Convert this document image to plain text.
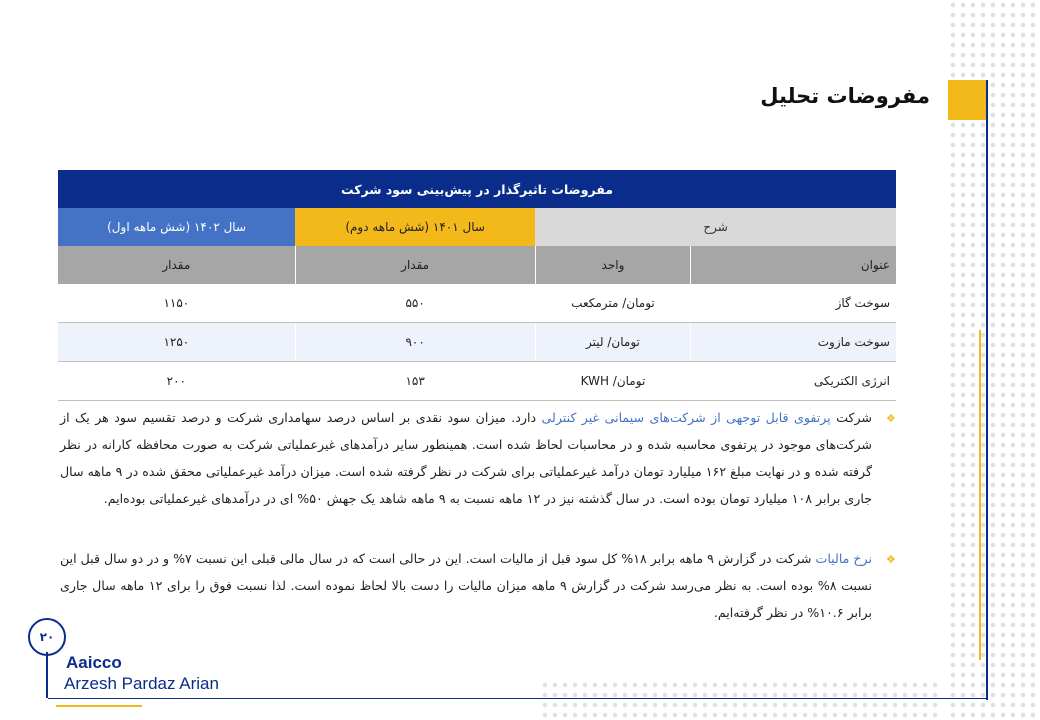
مفروضات تحلیل
مفروضات تاثیرگذار در پیش‌بینی سود شرکت			
شرح		سال ۱۴۰۱ (شش ماهه دوم)	سال ۱۴۰۲ (شش ماهه اول)
عنوان	واحد	مقدار	مقدار
سوخت گاز	تومان/ مترمکعب	۵۵۰	۱۱۵۰
سوخت مازوت	تومان/ لیتر	۹۰۰	۱۲۵۰
انرژی الکتریکی	تومان/ KWH	۱۵۳	۲۰۰
❖
شرکت پرتفوی قابل توجهی از شرکت‌های سیمانی غیر کنترلی دارد. میزان سود نقدی بر اساس درصد سهامداری شرکت و درصد تقسیم سود هر یک از شرکت‌های موجود در پرتفوی محاسبه شده و در محاسبات لحاظ شده است. همینطور سایر درآمدهای غیرعملیاتی شرکت به صورت محافظه کارانه در نظر گرفته شده و در نهایت مبلغ ۱۶۲ میلیارد تومان درآمد غیرعملیاتی برای شرکت در نظر گرفته شده است. میزان درآمد غیرعملیاتی محقق شده در ۹ ماهه سال جاری برابر ۱۰۸ میلیارد تومان بوده است. در سال گذشته نیز در ۱۲ ماهه نسبت به ۹ ماهه شاهد یک جهش ۵۰% ای در درآمدهای غیرعملیاتی بوده‌ایم.
❖
نرخ مالیات شرکت در گزارش ۹ ماهه برابر ۱۸% کل سود قبل از مالیات است. این در حالی است که در سال مالی قبلی این نسبت ۷% و در دو سال قبل این نسبت ۸% بوده است. به نظر می‌رسد شرکت در گزارش ۹ ماهه میزان مالیات را دست بالا لحاظ نموده است. لذا نسبت فوق را برای ۱۲ ماهه سال جاری برابر ۱۰.۶% در نظر گرفته‌ایم.
۲۰
Aaicco
Arzesh Pardaz Arian
